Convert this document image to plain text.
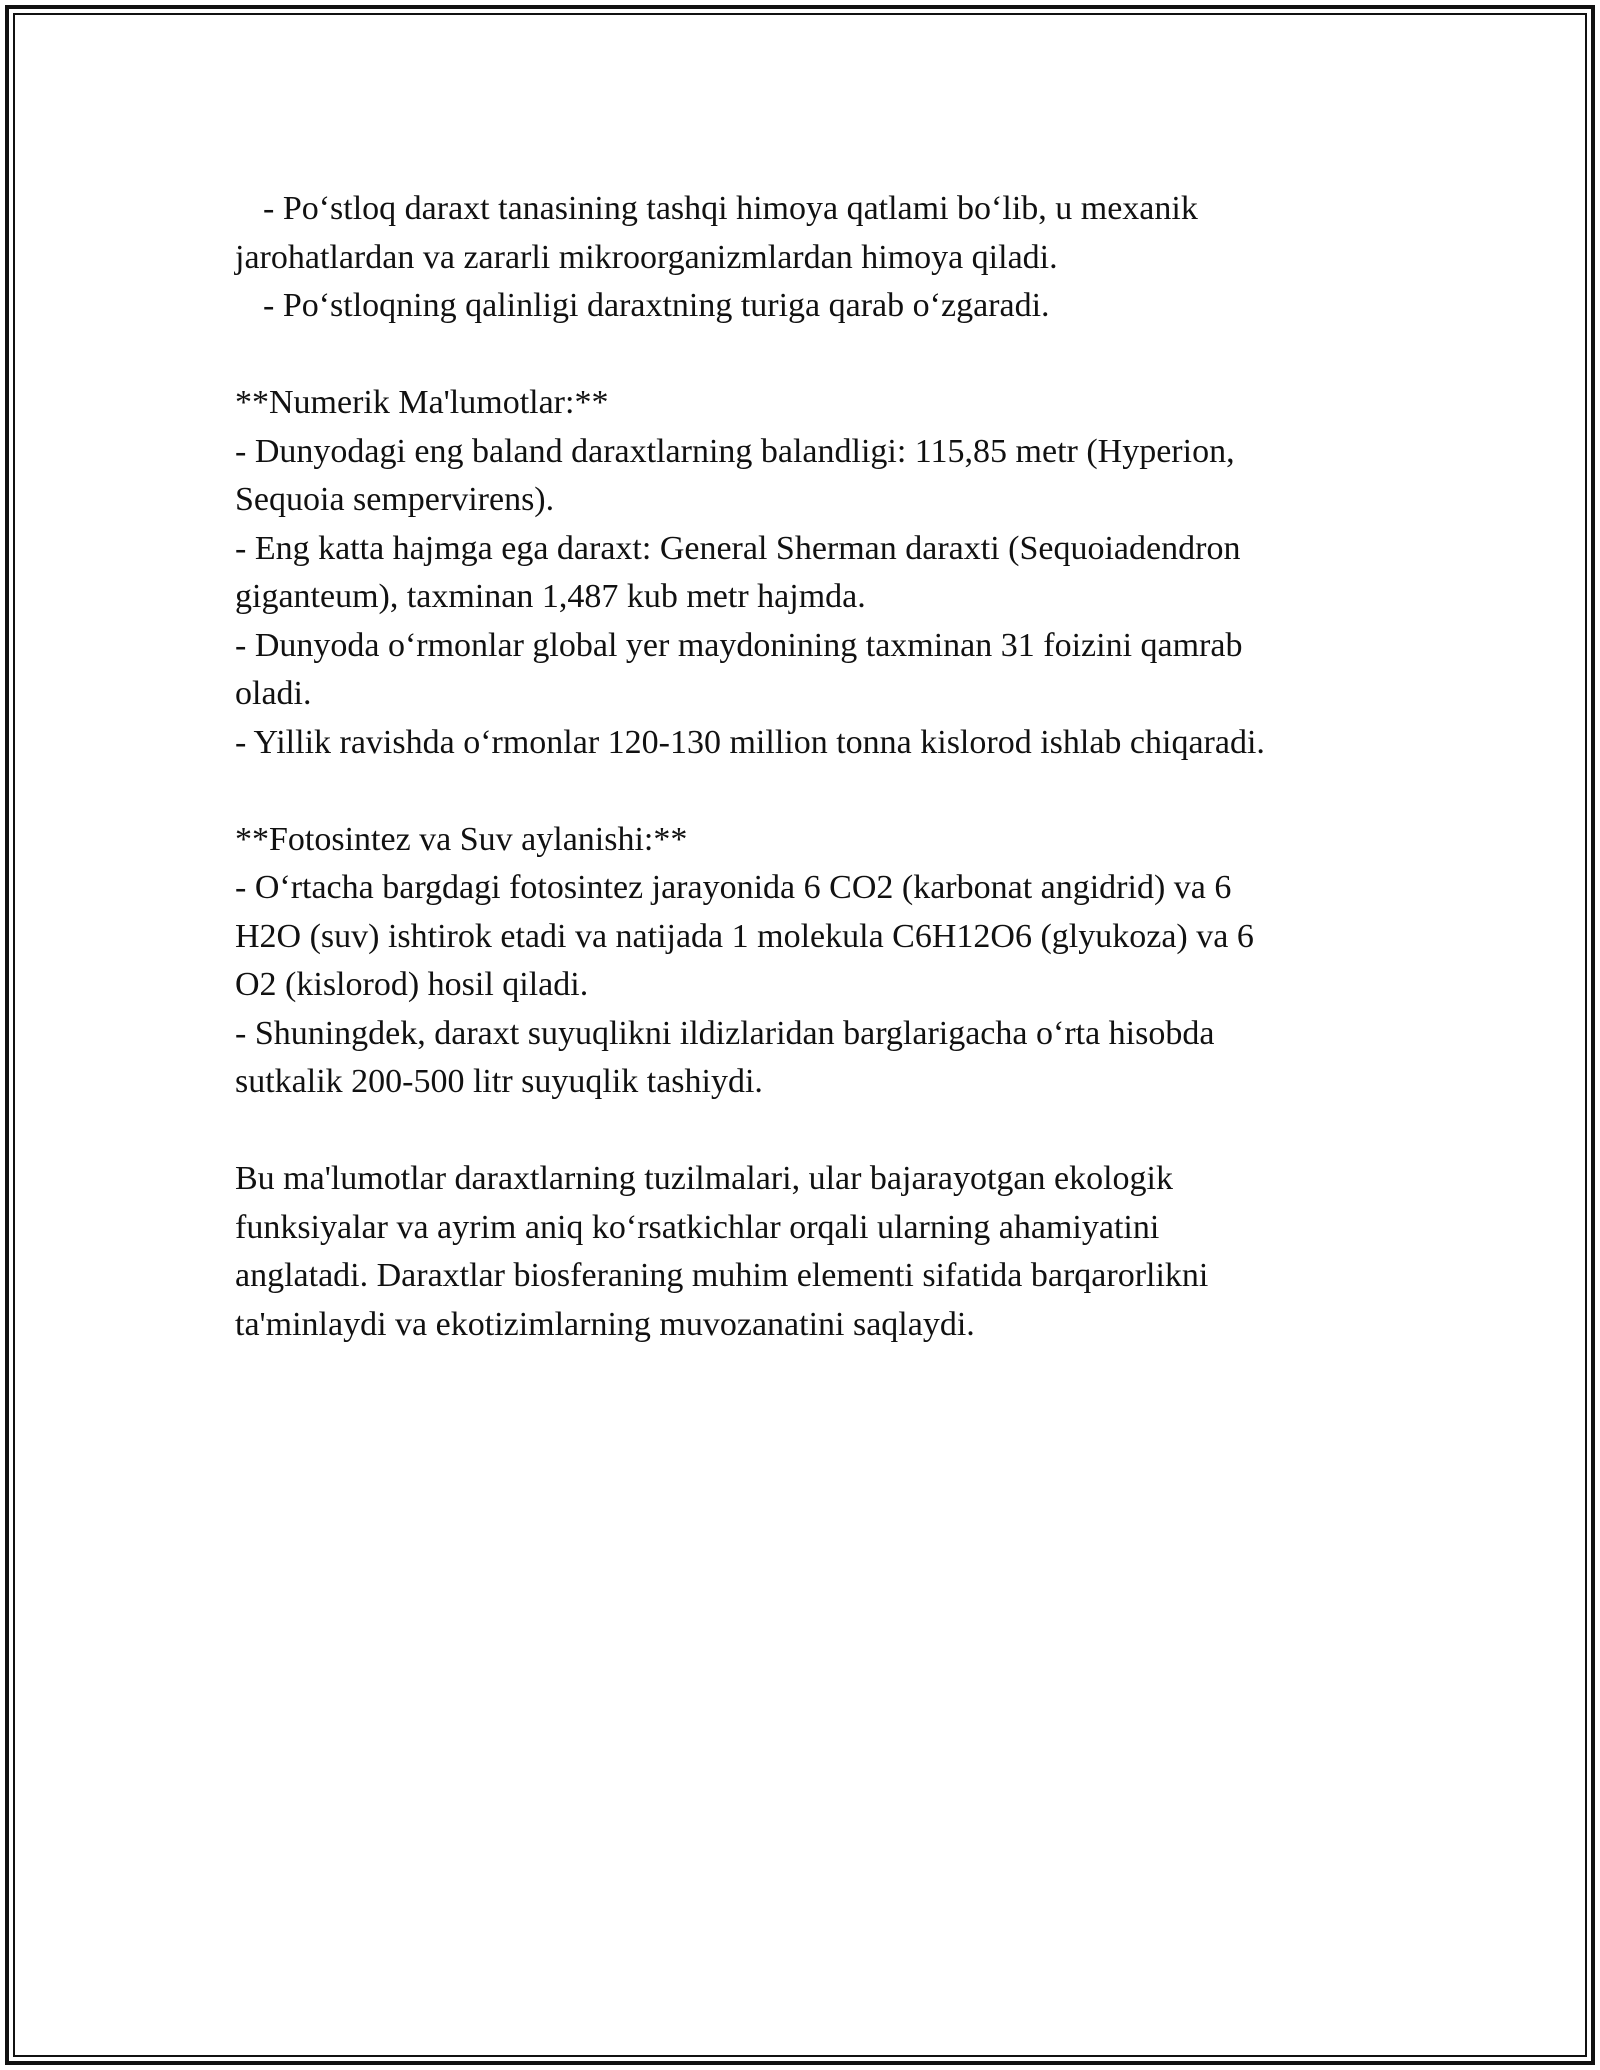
- Po‘stloq daraxt tanasining tashqi himoya qatlami bo‘lib, u mexanik
jarohatlardan va zararli mikroorganizmlardan himoya qiladi.
- Po‘stloqning qalinligi daraxtning turiga qarab o‘zgaradi.
**Numerik Ma'lumotlar:**
- Dunyodagi eng baland daraxtlarning balandligi: 115,85 metr (Hyperion,
Sequoia sempervirens).
- Eng katta hajmga ega daraxt: General Sherman daraxti (Sequoiadendron
giganteum), taxminan 1,487 kub metr hajmda.
- Dunyoda o‘rmonlar global yer maydonining taxminan 31 foizini qamrab
oladi.
- Yillik ravishda o‘rmonlar 120-130 million tonna kislorod ishlab chiqaradi.
**Fotosintez va Suv aylanishi:**
- O‘rtacha bargdagi fotosintez jarayonida 6 CO2 (karbonat angidrid) va 6
H2O (suv) ishtirok etadi va natijada 1 molekula C6H12O6 (glyukoza) va 6
O2 (kislorod) hosil qiladi.
- Shuningdek, daraxt suyuqlikni ildizlaridan barglarigacha o‘rta hisobda
sutkalik 200-500 litr suyuqlik tashiydi.
Bu ma'lumotlar daraxtlarning tuzilmalari, ular bajarayotgan ekologik
funksiyalar va ayrim aniq ko‘rsatkichlar orqali ularning ahamiyatini
anglatadi. Daraxtlar biosferaning muhim elementi sifatida barqarorlikni
ta'minlaydi va ekotizimlarning muvozanatini saqlaydi.
